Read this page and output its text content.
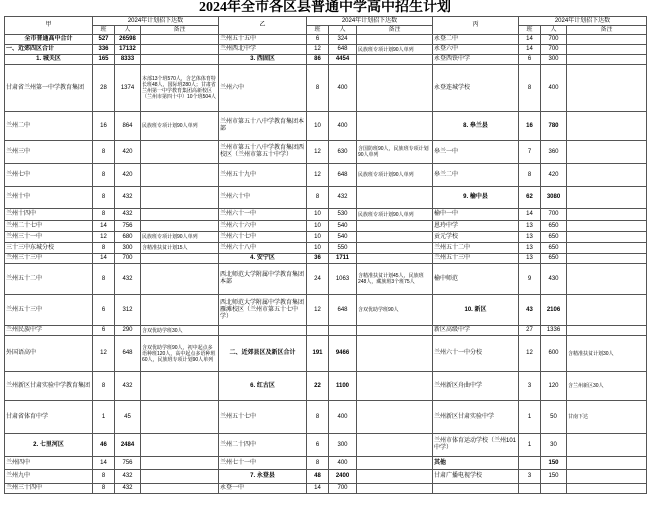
2024年全市各区县普通中学高中招生计划
甲	2024年计划招下达数			乙	2024年计划招下达数			丙	2024年计划招下达数		
	班	人	备注		班	人	备注		班	人	备注
全市普通高中合计	527	26598		兰州五十五中	6	324		永登二中	14	700	
一、近郊四区合计	336	17132		兰州西北中学	12	648	民族班专项计划90人单列	永登六中	14	700	
1. 城关区	165	8333		3. 西固区	86	4454		永登西铁中学	6	300	
甘肃省兰州第一中学教育集团	28	1374	本部13个班570人，含艺体体育特长班48人，国际班280人；甘肃省兰州第一中学教育集团高新校区（兰州市第四十中）10个班504人	兰州六中	8	400		永登连城学校	8	400	
兰州二中	16	864	民族班专项计划90人单列	兰州市第五十八中学教育集团本部	10	400		8. 皋兰县	16	780	
兰州三中	8	420		兰州市第五十八中学教育集团西校区（兰州市第五十中学）	12	630	含国防班90人，民族班专项计划90人单列	皋兰一中	7	360	
兰州七中	8	420		兰州五十九中	12	648	民族班专项计划90人单列	皋兰二中	8	420	
兰州十中	8	432		兰州六十中	8	432		9. 榆中县	62	3080	
兰州十四中	8	432		兰州六十一中	10	530	民族班专项计划90人单列	榆中一中	14	700	
兰州二十七中	14	756		兰州六十六中	10	540		恩玲中学	13	650	
兰州三十一中	12	680	民族班专项计划90人单列	兰州六十七中	10	540		贡元学校	13	650	
三十三中东城分校	8	300	含精准扶贫计划15人	兰州六十八中	10	550		兰州五十二中	13	650	
兰州三十三中	14	700		4. 安宁区	36	1711		兰州五十三中	13	650	
兰州五十二中	8	432		西北师范大学附属中学教育集团本部	24	1063	含精准扶贫计划45人，民族班248人，藏族班3个班75人	榆中师范	9	430	
兰州五十三中	6	312		西北师范大学附属中学教育集团雁滩校区（兰州市第五十七中学）	12	648	含双优助学班90人	10. 新区	43	2106	
兰州民族中学	6	290	含双优助学班30人					新区高级中学	27	1336	
外国语高中	12	648	含双优助学班90人，初中起点多语种班120人，高中起点多语种班60人，民族班专项计划90人单列	二、近郊县区及新区合计	191	9466		兰州六十一中分校	12	600	含精准扶贫计划30人
兰州新区甘肃实验中学教育集团	8	432		6. 红古区	22	1100		兰州新区舟曲中学	3	120	含兰州新区30人
甘肃省体育中学	1	45		兰州五十七中	8	400		兰州新区甘肃实验中学	1	50	甘南下达
2. 七里河区	46	2484		兰州二十四中	6	300		兰州市体育运动学校（兰州101中学）	1	30	
兰州四中	14	756		兰州七十一中	8	400		其他		150	
兰州九中	8	432		7. 永登县	48	2400		甘肃广播电视学校	3	150	
兰州三十四中	8	432		永登一中	14	700					
